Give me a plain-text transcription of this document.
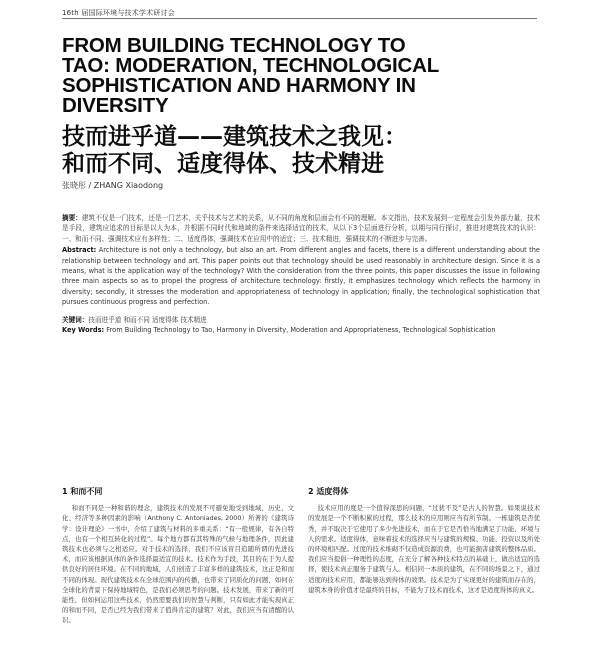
16th 届国际环境与技术学术研讨会
FROM BUILDING TECHNOLOGY TO
TAO: MODERATION, TECHNOLOGICAL
SOPHISTICATION AND HARMONY IN
DIVERSITY
技而进乎道——建筑技术之我见：
和而不同、适度得体、技术精进
张晓彤 / ZHANG Xiaodong

摘要：建筑不仅是一门技术，还是一门艺术，关乎技术与艺术的关系，从不同的角度和层面会有不同的理解。本文指出，技术发展到一定程度会引发外部力量，技术是手段，建筑应追求的目标是以人为本，并根据不同时代和地域的条件来选择适宜的技术，从以下3个层面进行分析，以期与同行探讨，推进对建筑技术的认识：一、和而不同、强调技术应有多样性；二、适度得体，强调技术在应用中的适宜；三、技术精进，强调技术的不断进步与完善。

Abstract: Architecture is not only a technology, but also an art. From different angles and facets, there is a different understanding about the relationship between technology and art. This paper points out that technology should be used reasonably in architecture design. Since it is a means, what is the application way of the technology? With the consideration from the three points, this paper discusses the issue in following three main aspects so as to propel the progress of architecture technology: firstly, it emphasizes technology which reflects the harmony in diversity; secondly, it stresses the moderation and appropriateness of technology in application; finally, the technological sophistication that pursues continuous progress and perfection.

关键词：技而进乎道 和而不同 适度得体 技术精进

Key Words: From Building Technology to Tao, Harmony in Diversity, Moderation and Appropriateness, Technological Sophistication

1 和而不同

和而不同是一种和谐的理念，建筑技术的发展不可避免地受到地域、历史、文化、经济等多种因素的影响（Anthony C. Antoniades, 2000）所著的《建筑诗学：设计理论》一书中，介绍了建筑与材料的多重关系：“有一般规律，有各自特点，也有一个相互转化的过程”。每个地方都有其特殊的气候与地理条件，因此建筑技术也必须与之相适应。对于技术的选择，我们不应该盲目追随所谓的先进技术，而应该根据具体的条件选择最适宜的技术。技术作为手段，其目的在于为人提供良好的居住环境。在不同的地域，人们创造了丰富多样的建筑技术，这正是和而不同的体现。现代建筑技术在全球范围内的传播，也带来了同质化的问题，如何在全球化的背景下保持地域特色，是我们必须思考的问题。技术发展，带来了新的可能性，但如何运用这些技术，仍然需要我们的智慧与判断，只有如此才能实现真正的和而不同，是否已经为我们带来了值得肯定的建筑？对此，我们应当有清醒的认识。

2 适度得体

技术应用的度是一个值得深思的问题，“过犹不及”是古人的智慧。如果说技术的发展是一个不断积累的过程，那么技术的应用则应当有所节制。一栋建筑是否优秀，并不取决于它使用了多少先进技术，而在于它是否恰当地满足了功能、环境与人的需求。适度得体，意味着技术的选择应当与建筑的规模、功能、投资以及所处的环境相匹配。过度的技术堆砌不仅造成资源浪费，也可能损害建筑的整体品质。我们应当提倡一种理性的态度，在充分了解各种技术特点的基础上，做出适宜的选择，使技术真正服务于建筑与人。相信同一本质的建筑，在不同的场景之下，通过适度的技术应用，都能够达到得体的效果。技术是为了实现更好的建筑而存在的，建筑本身的价值才是最终的目标，不能为了技术而技术，这才是适度得体的真义。
